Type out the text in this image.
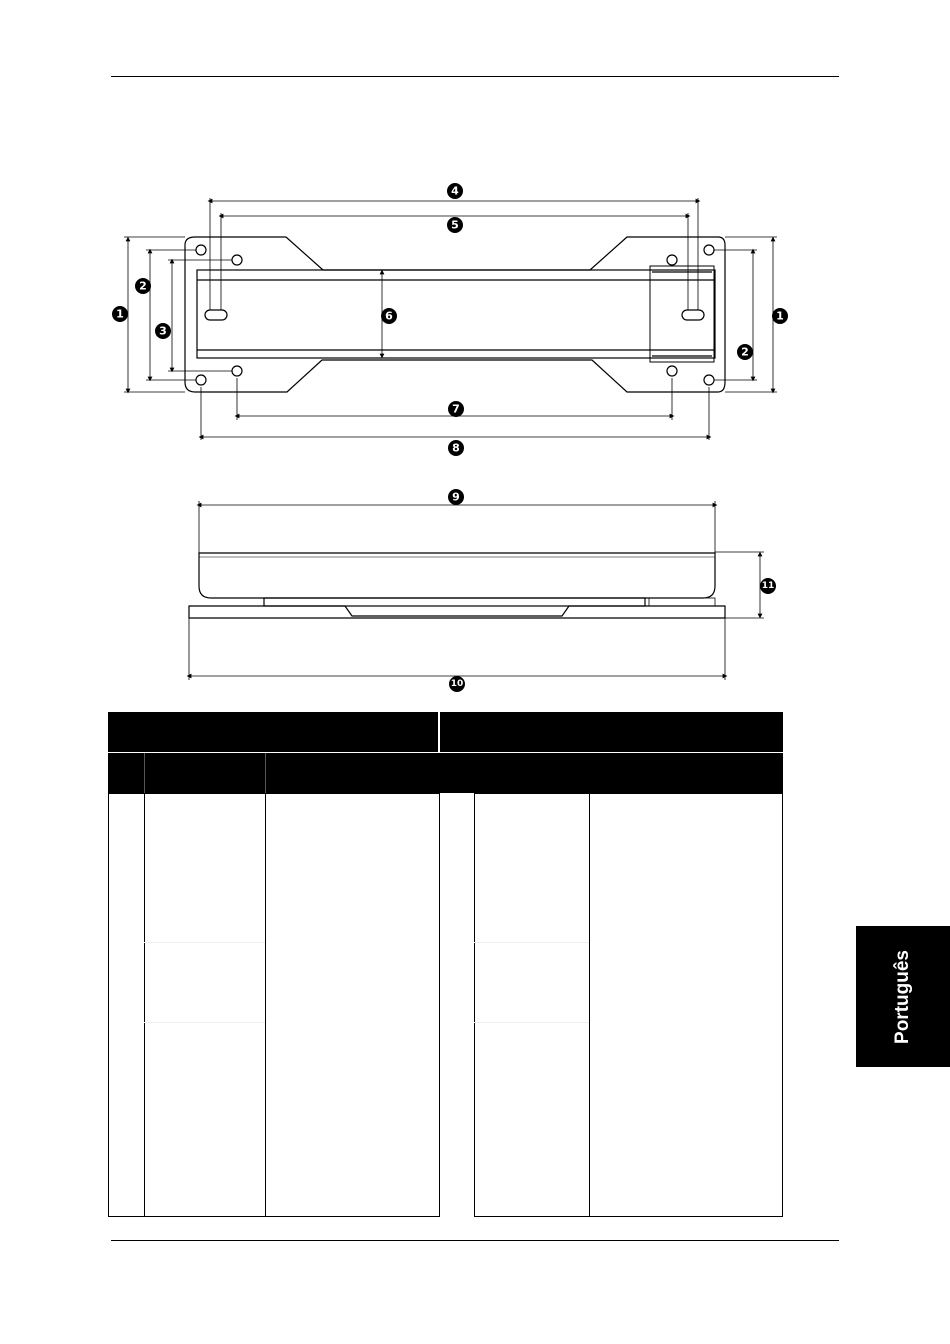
1
2
3
4
5
6
7
8
1
2
9
10
11
Português
